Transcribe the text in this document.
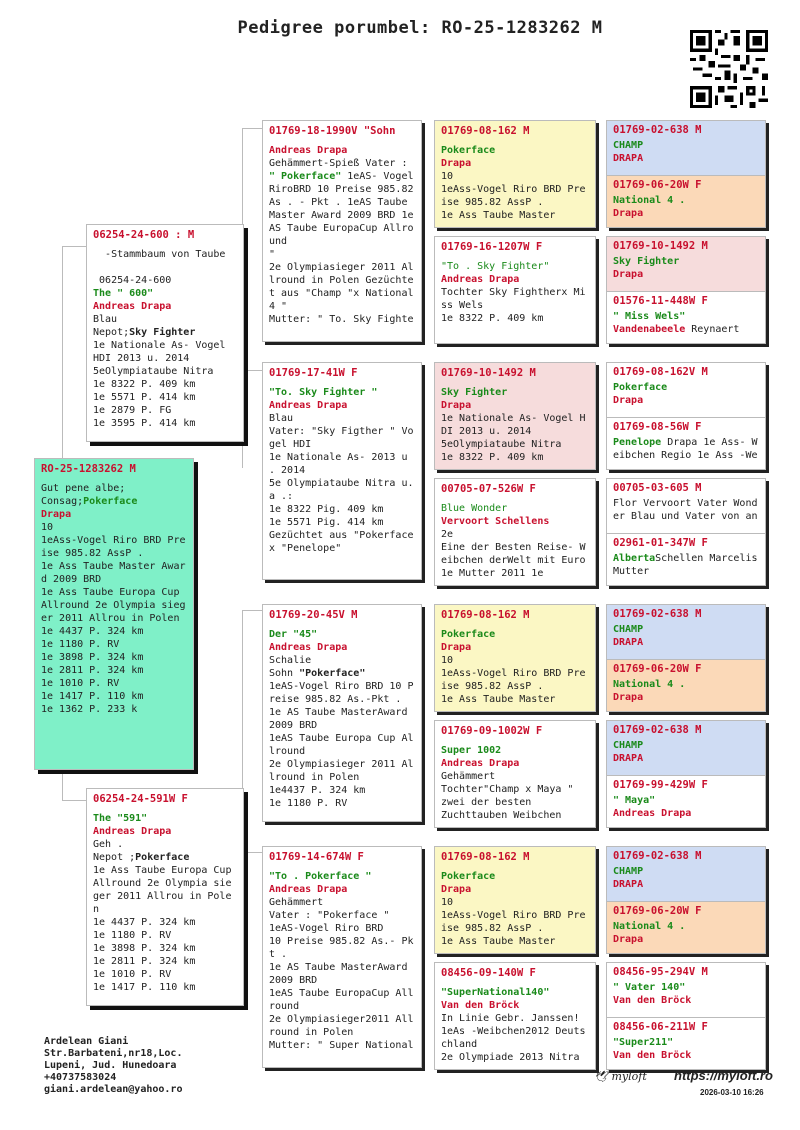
Pedigree porumbel: RO-25-1283262 M
RO-25-1283262 M
Gut pene albe;
Consag;Pokerface
Drapa
10
1eAss-Vogel Riro BRD Preise 985.82 AssP .
1e Ass Taube Master Award 2009 BRD
1e Ass Taube Europa Cup Allround 2e Olympia sieger 2011 Allrou in Polen
1e 4437 P. 324 km
1e 1180 P. RV
1e 3898 P. 324 km
1e 2811 P. 324 km
1e 1010 P. RV
1e 1417 P. 110 km
1e 1362 P. 233 k
06254-24-600 : M
-Stammbaum von Taube

06254-24-600
The " 600"
Andreas Drapa
Blau
Nepot;Sky Fighter
1e Nationale As- Vogel HDI 2013 u. 2014
5eOlympiataube Nitra
1e 8322 P. 409 km
1e 5571 P. 414 km
1e 2879 P. FG
1e 3595 P. 414 km
06254-24-591W F
The "591"
Andreas Drapa
Geh .
Nepot ;Pokerface
1e Ass Taube Europa Cup Allround 2e Olympia sieger 2011 Allrou in Polen
1e 4437 P. 324 km
1e 1180 P. RV
1e 3898 P. 324 km
1e 2811 P. 324 km
1e 1010 P. RV
1e 1417 P. 110 km
01769-18-1990V "Sohn
Andreas Drapa
Gehämmert-Spieß Vater :
" Pokerface" 1eAS- Vogel RiroBRD 10 Preise 985.82 As . - Pkt . 1eAS Taube Master Award 2009 BRD 1eAS Taube EuropaCup Allround
"
2e Olympiasieger 2011 Allround in Polen Gezüchtet aus "Champ "x National 4 "
Mutter: " To. Sky Fighte
01769-17-41W F
"To. Sky Fighter "
Andreas Drapa
Blau
Vater: "Sky Figther " Vogel HDI
1e Nationale As- 2013 u . 2014
5e Olympiataube Nitra u. a .:
1e 8322 Pig. 409 km
1e 5571 Pig. 414 km
Gezüchtet aus "Pokerface
x "Penelope"
01769-20-45V M
Der "45"
Andreas Drapa
Schalie
Sohn "Pokerface"
1eAS-Vogel Riro BRD 10 Preise 985.82 As.-Pkt .
1e AS Taube MasterAward 2009 BRD
1eAS Taube Europa Cup Allround
2e Olympiasieger 2011 Allround in Polen
1e4437 P. 324 km
1e 1180 P. RV
01769-14-674W F
"To . Pokerface "
Andreas Drapa
Gehämmert
Vater : "Pokerface "
1eAS-Vogel Riro BRD
10 Preise 985.82 As.- Pkt .
1e AS Taube MasterAward 2009 BRD
1eAS Taube EuropaCup Allround
2e Olympiasieger2011 Allround in Polen
Mutter: " Super National
01769-08-162 M
Pokerface
Drapa
10
1eAss-Vogel Riro BRD Preise 985.82 AssP .
1e Ass Taube Master
01769-16-1207W F
"To . Sky Fighter"
Andreas Drapa
Tochter Sky Fightherx Miss Wels
1e 8322 P. 409 km
01769-10-1492 M
Sky Fighter
Drapa
1e Nationale As- Vogel HDI 2013 u. 2014
5eOlympiataube Nitra
1e 8322 P. 409 km
00705-07-526W F
Blue Wonder
Vervoort Schellens
2e
Eine der Besten Reise- Weibchen derWelt mit Euro
1e Mutter 2011 1e
01769-08-162 M
Pokerface
Drapa
10
1eAss-Vogel Riro BRD Preise 985.82 AssP .
1e Ass Taube Master
01769-09-1002W F
Super 1002
Andreas Drapa
Gehämmert
Tochter"Champ x Maya "
zwei der besten
Zuchttauben Weibchen
01769-08-162 M
Pokerface
Drapa
10
1eAss-Vogel Riro BRD Preise 985.82 AssP .
1e Ass Taube Master
08456-09-140W F
"SuperNational140"
Van den Bröck
In Linie Gebr. Janssen!
1eAs -Weibchen2012 Deutschland
2e Olympiade 2013 Nitra
01769-02-638 M
CHAMP
DRAPA
01769-06-20W F
National 4 .
Drapa
01769-10-1492 M
Sky Fighter
Drapa
01576-11-448W F
" Miss Wels"
Vandenabeele Reynaert
01769-08-162V M
Pokerface
Drapa
01769-08-56W F
Penelope Drapa 1e Ass- Weibchen Regio 1e Ass -We
00705-03-605 M
Flor Vervoort Vater Wonder Blau und Vater von an
02961-01-347W F
AlbertaSchellen Marcelis Mutter
01769-02-638 M
CHAMP
DRAPA
01769-06-20W F
National 4 .
Drapa
01769-02-638 M
CHAMP
DRAPA
01769-99-429W F
" Maya"
Andreas Drapa
01769-02-638 M
CHAMP
DRAPA
01769-06-20W F
National 4 .
Drapa
08456-95-294V M
" Vater 140"
Van den Bröck
08456-06-211W F
"Super211"
Van den Bröck
Ardelean Giani
Str.Barbateni,nr18,Loc.
Lupeni, Jud. Hunedoara
+40737583024
giani.ardelean@yahoo.ro
🕊 myloft https://myloft.ro
2026-03-10 16:26
